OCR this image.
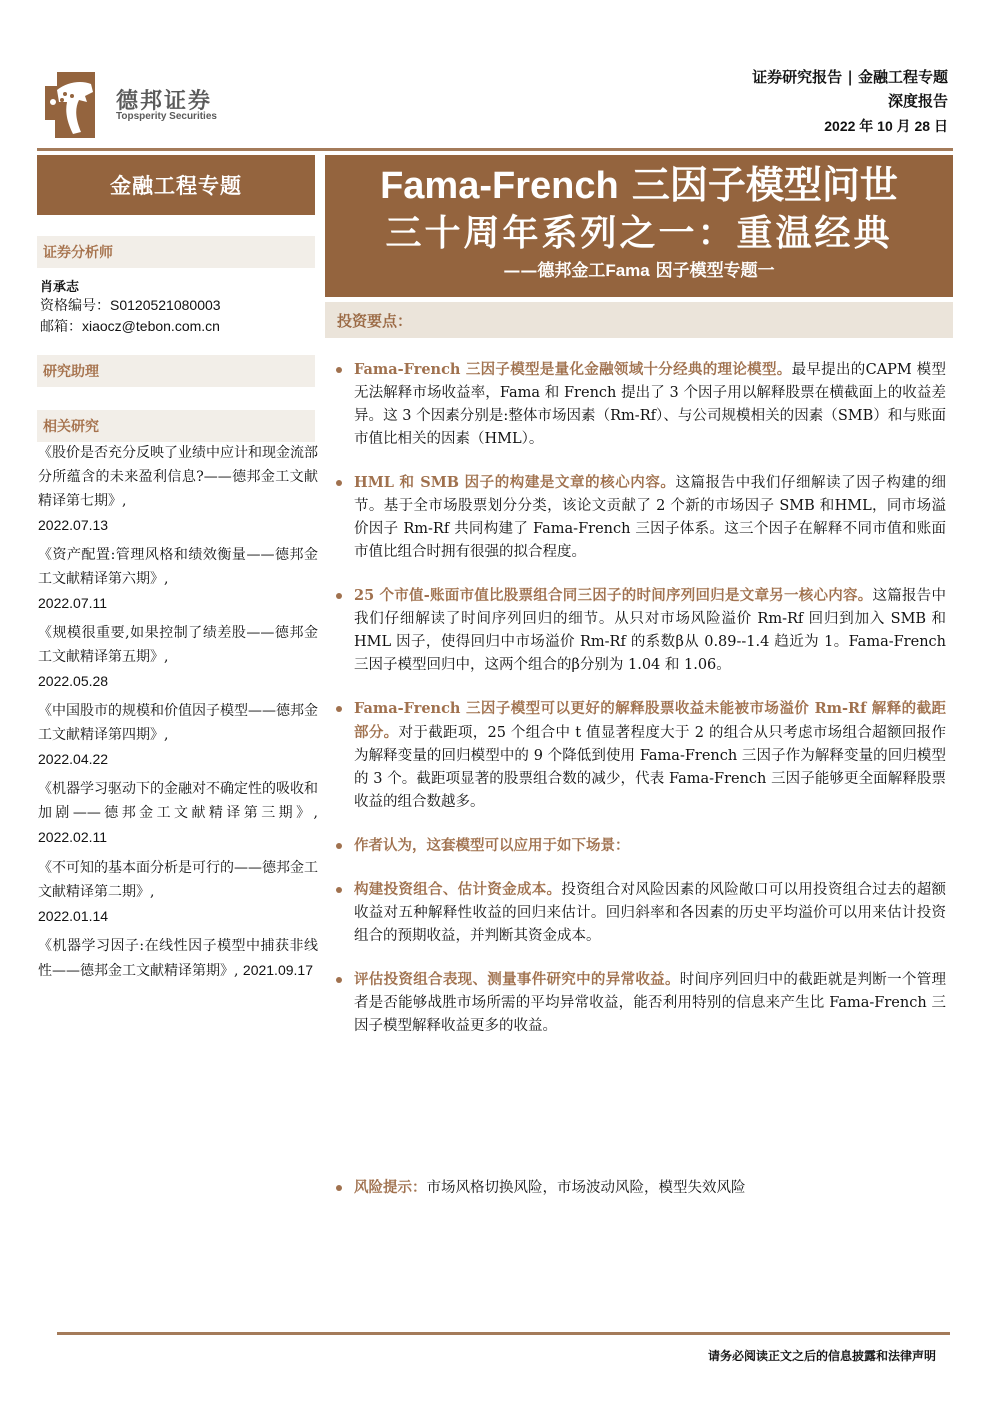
德邦证券
Topsperity Securities
证券研究报告 | 金融工程专题
深度报告
2022 年 10 月 28 日
金融工程专题
证券分析师
肖承志
资格编号：S0120521080003
邮箱：xiaocz@tebon.com.cn
研究助理
相关研究
《股价是否充分反映了业绩中应计和现金流部分所蕴含的未来盈利信息?——德邦金工文献精译第七期》,
2022.07.13
《资产配置:管理风格和绩效衡量——德邦金工文献精译第六期》,
2022.07.11
《规模很重要,如果控制了绩差股——德邦金工文献精译第五期》,
2022.05.28
《中国股市的规模和价值因子模型——德邦金工文献精译第四期》,
2022.04.22
《机器学习驱动下的金融对不确定性的吸收和加剧——德邦金工文献精译第三期》, 2022.02.11
《不可知的基本面分析是可行的——德邦金工文献精译第二期》,
2022.01.14
《机器学习因子:在线性因子模型中捕获非线性——德邦金工文献精译第期》, 2021.09.17
Fama-French 三因子模型问世
三十周年系列之一：重温经典
——德邦金工Fama 因子模型专题一
投资要点：
Fama-French 三因子模型是量化金融领域十分经典的理论模型。最早提出的CAPM 模型无法解释市场收益率，Fama 和 French 提出了 3 个因子用以解释股票在横截面上的收益差异。这 3 个因素分别是:整体市场因素（Rm-Rf）、与公司规模相关的因素（SMB）和与账面市值比相关的因素（HML）。
HML 和 SMB 因子的构建是文章的核心内容。这篇报告中我们仔细解读了因子构建的细节。基于全市场股票划分分类，该论文贡献了 2 个新的市场因子 SMB 和HML，同市场溢价因子 Rm-Rf 共同构建了 Fama-French 三因子体系。这三个因子在解释不同市值和账面市值比组合时拥有很强的拟合程度。
25 个市值-账面市值比股票组合同三因子的时间序列回归是文章另一核心内容。这篇报告中我们仔细解读了时间序列回归的细节。从只对市场风险溢价 Rm-Rf 回归到加入 SMB 和 HML 因子，使得回归中市场溢价 Rm-Rf 的系数β从 0.89--1.4 趋近为 1。Fama-French 三因子模型回归中，这两个组合的β分别为 1.04 和 1.06。
Fama-French 三因子模型可以更好的解释股票收益未能被市场溢价 Rm-Rf 解释的截距部分。对于截距项，25 个组合中 t 值显著程度大于 2 的组合从只考虑市场组合超额回报作为解释变量的回归模型中的 9 个降低到使用 Fama-French 三因子作为解释变量的回归模型的 3 个。截距项显著的股票组合数的减少，代表 Fama-French 三因子能够更全面解释股票收益的组合数越多。
作者认为，这套模型可以应用于如下场景：
构建投资组合、估计资金成本。投资组合对风险因素的风险敞口可以用投资组合过去的超额收益对五种解释性收益的回归来估计。回归斜率和各因素的历史平均溢价可以用来估计投资组合的预期收益，并判断其资金成本。
评估投资组合表现、测量事件研究中的异常收益。时间序列回归中的截距就是判断一个管理者是否能够战胜市场所需的平均异常收益，能否利用特别的信息来产生比 Fama-French 三因子模型解释收益更多的收益。
风险提示：市场风格切换风险，市场波动风险，模型失效风险
请务必阅读正文之后的信息披露和法律声明
